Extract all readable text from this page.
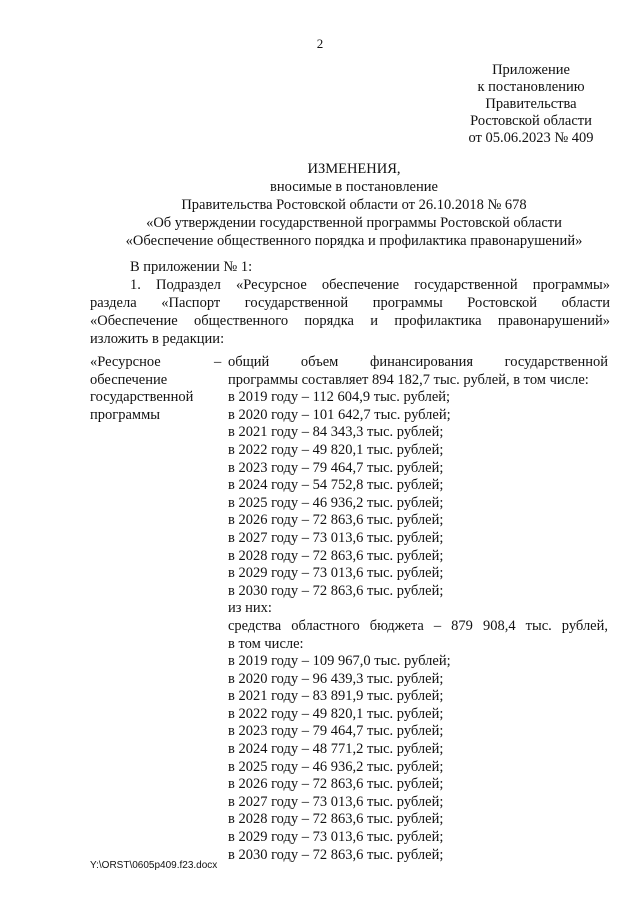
2
Приложение
к постановлению
Правительства
Ростовской области
от 05.06.2023 № 409
ИЗМЕНЕНИЯ,
вносимые в постановление
Правительства Ростовской области от 26.10.2018 № 678
«Об утверждении государственной программы Ростовской области
«Обеспечение общественного порядка и профилактика правонарушений»
В приложении № 1:
1. Подраздел «Ресурсное обеспечение государственной программы»
раздела «Паспорт государственной программы Ростовской области
«Обеспечение общественного порядка и профилактика правонарушений»
изложить в редакции:
«Ресурсное
обеспечение
государственной
программы
– общий объем финансирования государственной
программы составляет 894 182,7 тыс. рублей, в том числе:
в 2019 году – 112 604,9 тыс. рублей;
в 2020 году – 101 642,7 тыс. рублей;
в 2021 году – 84 343,3 тыс. рублей;
в 2022 году – 49 820,1 тыс. рублей;
в 2023 году – 79 464,7 тыс. рублей;
в 2024 году – 54 752,8 тыс. рублей;
в 2025 году – 46 936,2 тыс. рублей;
в 2026 году – 72 863,6 тыс. рублей;
в 2027 году – 73 013,6 тыс. рублей;
в 2028 году – 72 863,6 тыс. рублей;
в 2029 году – 73 013,6 тыс. рублей;
в 2030 году – 72 863,6 тыс. рублей;
из них:
средства областного бюджета – 879 908,4 тыс. рублей,
в том числе:
в 2019 году – 109 967,0 тыс. рублей;
в 2020 году – 96 439,3 тыс. рублей;
в 2021 году – 83 891,9 тыс. рублей;
в 2022 году – 49 820,1 тыс. рублей;
в 2023 году – 79 464,7 тыс. рублей;
в 2024 году – 48 771,2 тыс. рублей;
в 2025 году – 46 936,2 тыс. рублей;
в 2026 году – 72 863,6 тыс. рублей;
в 2027 году – 73 013,6 тыс. рублей;
в 2028 году – 72 863,6 тыс. рублей;
в 2029 году – 73 013,6 тыс. рублей;
в 2030 году – 72 863,6 тыс. рублей;
Y:\ORST\0605p409.f23.docx
